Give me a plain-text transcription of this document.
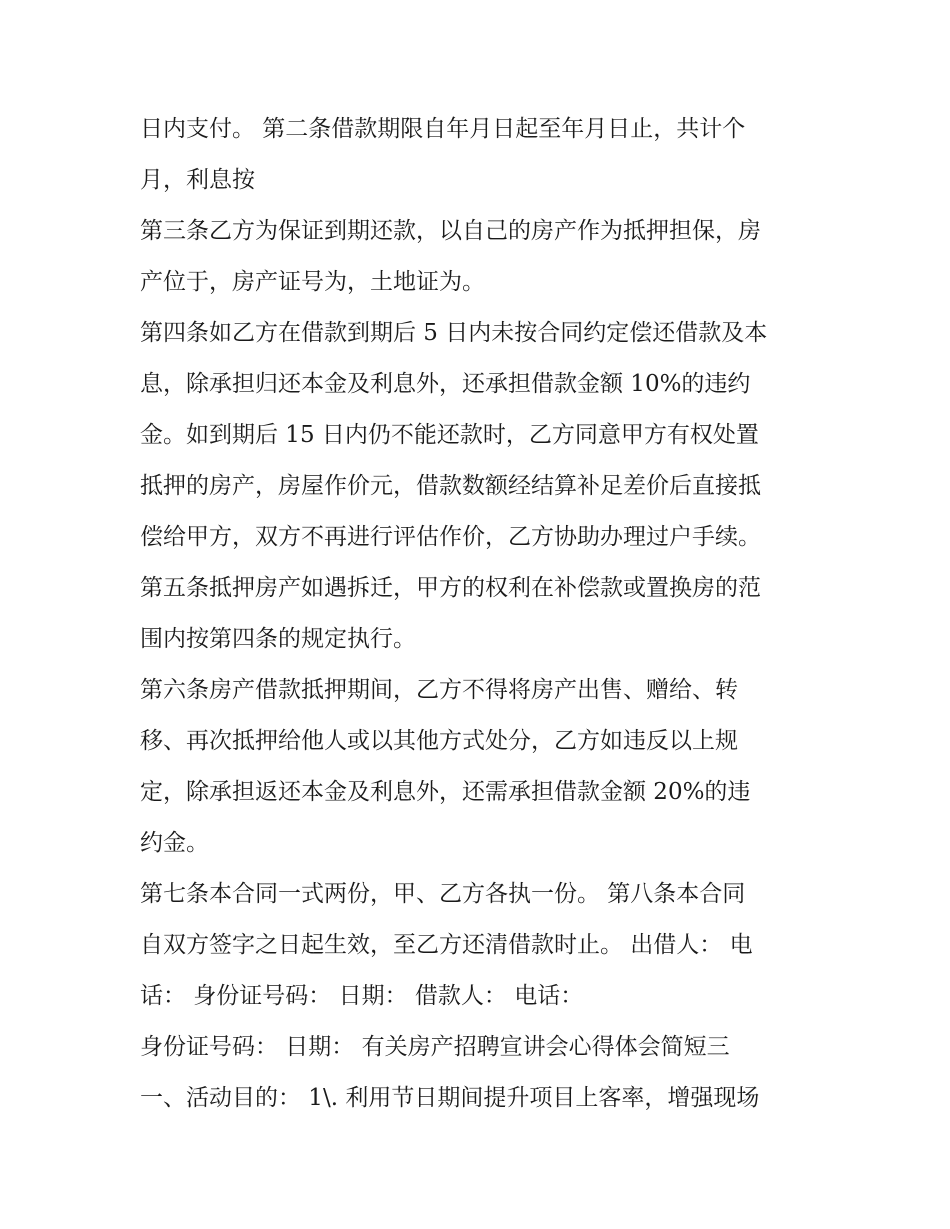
日内支付。 第二条借款期限自年月日起至年月日止，共计个
月，利息按
第三条乙方为保证到期还款，以自己的房产作为抵押担保，房
产位于，房产证号为，土地证为。
第四条如乙方在借款到期后 5 日内未按合同约定偿还借款及本
息，除承担归还本金及利息外，还承担借款金额 10%的违约
金。如到期后 15 日内仍不能还款时，乙方同意甲方有权处置
抵押的房产，房屋作价元，借款数额经结算补足差价后直接抵
偿给甲方，双方不再进行评估作价，乙方协助办理过户手续。
第五条抵押房产如遇拆迁，甲方的权利在补偿款或置换房的范
围内按第四条的规定执行。
第六条房产借款抵押期间，乙方不得将房产出售、赠给、转
移、再次抵押给他人或以其他方式处分，乙方如违反以上规
定，除承担返还本金及利息外，还需承担借款金额 20%的违
约金。
第七条本合同一式两份，甲、乙方各执一份。 第八条本合同
自双方签字之日起生效，至乙方还清借款时止。 出借人： 电
话： 身份证号码： 日期： 借款人： 电话：
身份证号码： 日期： 有关房产招聘宣讲会心得体会简短三
一、活动目的： 1\. 利用节日期间提升项目上客率，增强现场
